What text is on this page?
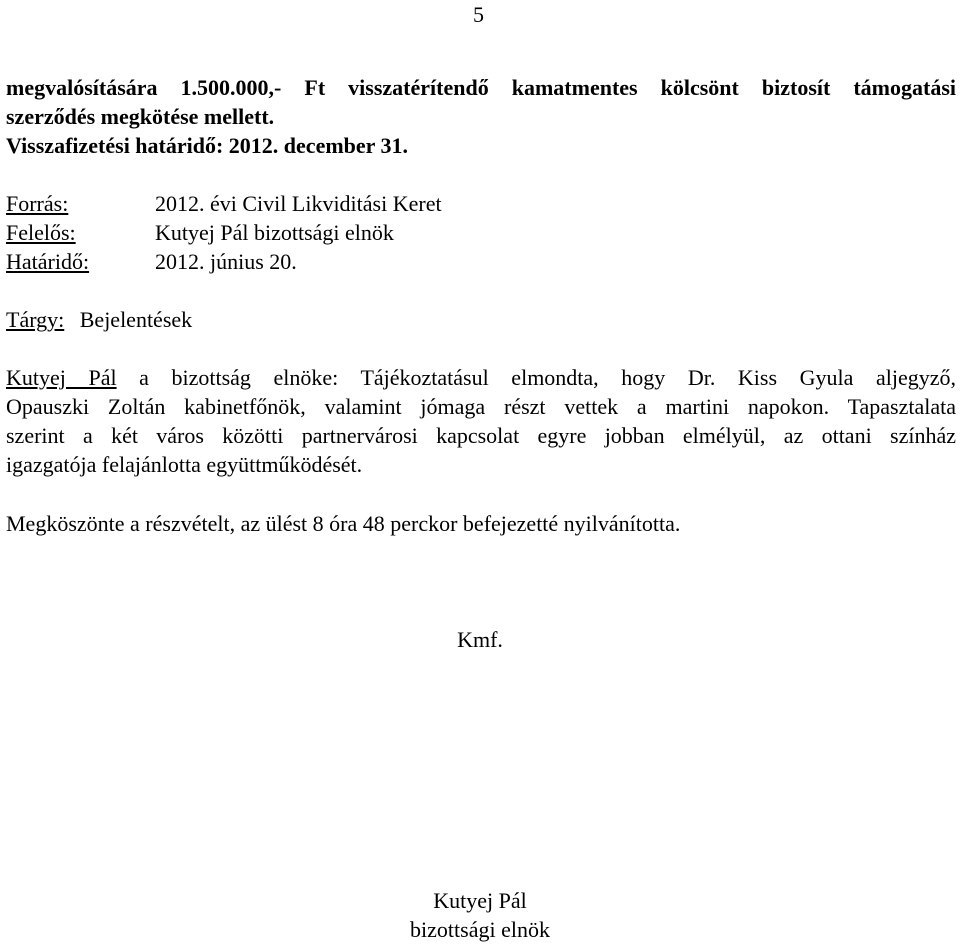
5
megvalósítására 1.500.000,- Ft visszatérítendő kamatmentes kölcsönt biztosít támogatási
szerződés megkötése mellett.
Visszafizetési határidő: 2012. december 31.
Forrás:	2012. évi Civil Likviditási Keret
Felelős:	Kutyej Pál bizottsági elnök
Határidő:	2012. június 20.
Tárgy: Bejelentések
Kutyej Pál a bizottság elnöke: Tájékoztatásul elmondta, hogy Dr. Kiss Gyula aljegyző,
Opauszki Zoltán kabinetfőnök, valamint jómaga részt vettek a martini napokon. Tapasztalata
szerint a két város közötti partnervárosi kapcsolat egyre jobban elmélyül, az ottani színház
igazgatója felajánlotta együttműködését.
Megköszönte a részvételt, az ülést 8 óra 48 perckor befejezetté nyilvánította.
Kmf.
Kutyej Pál
bizottsági elnök
